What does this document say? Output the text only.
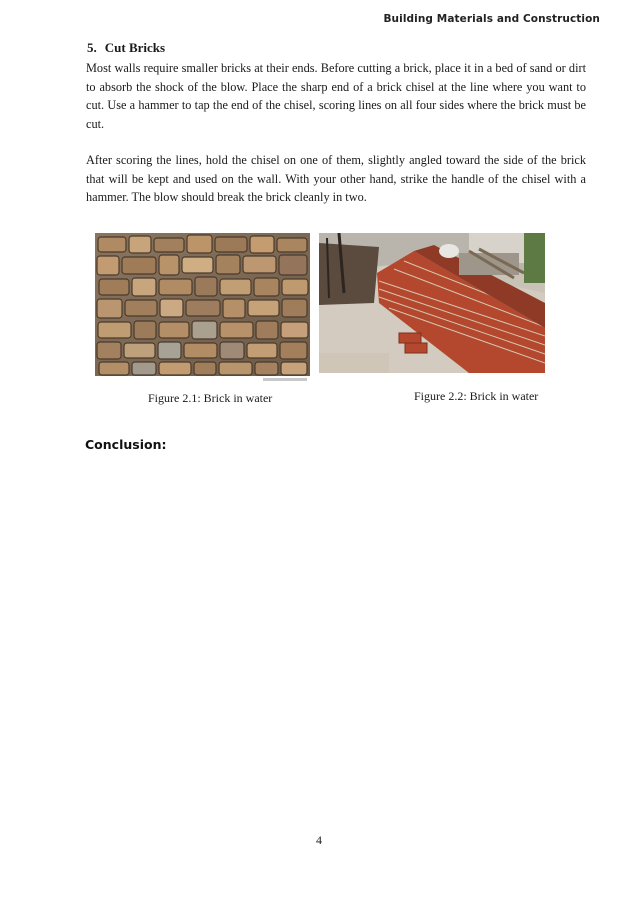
Building Materials and Construction
5. Cut Bricks

Most walls require smaller bricks at their ends. Before cutting a brick, place it in a bed of sand or dirt to absorb the shock of the blow. Place the sharp end of a brick chisel at the line where you want to cut. Use a hammer to tap the end of the chisel, scoring lines on all four sides where the brick must be cut.

After scoring the lines, hold the chisel on one of them, slightly angled toward the side of the brick that will be kept and used on the wall. With your other hand, strike the handle of the chisel with a hammer. The blow should break the brick cleanly in two.

Figure 2.1: Brick in water	Figure 2.2: Brick in water
Conclusion:
4
